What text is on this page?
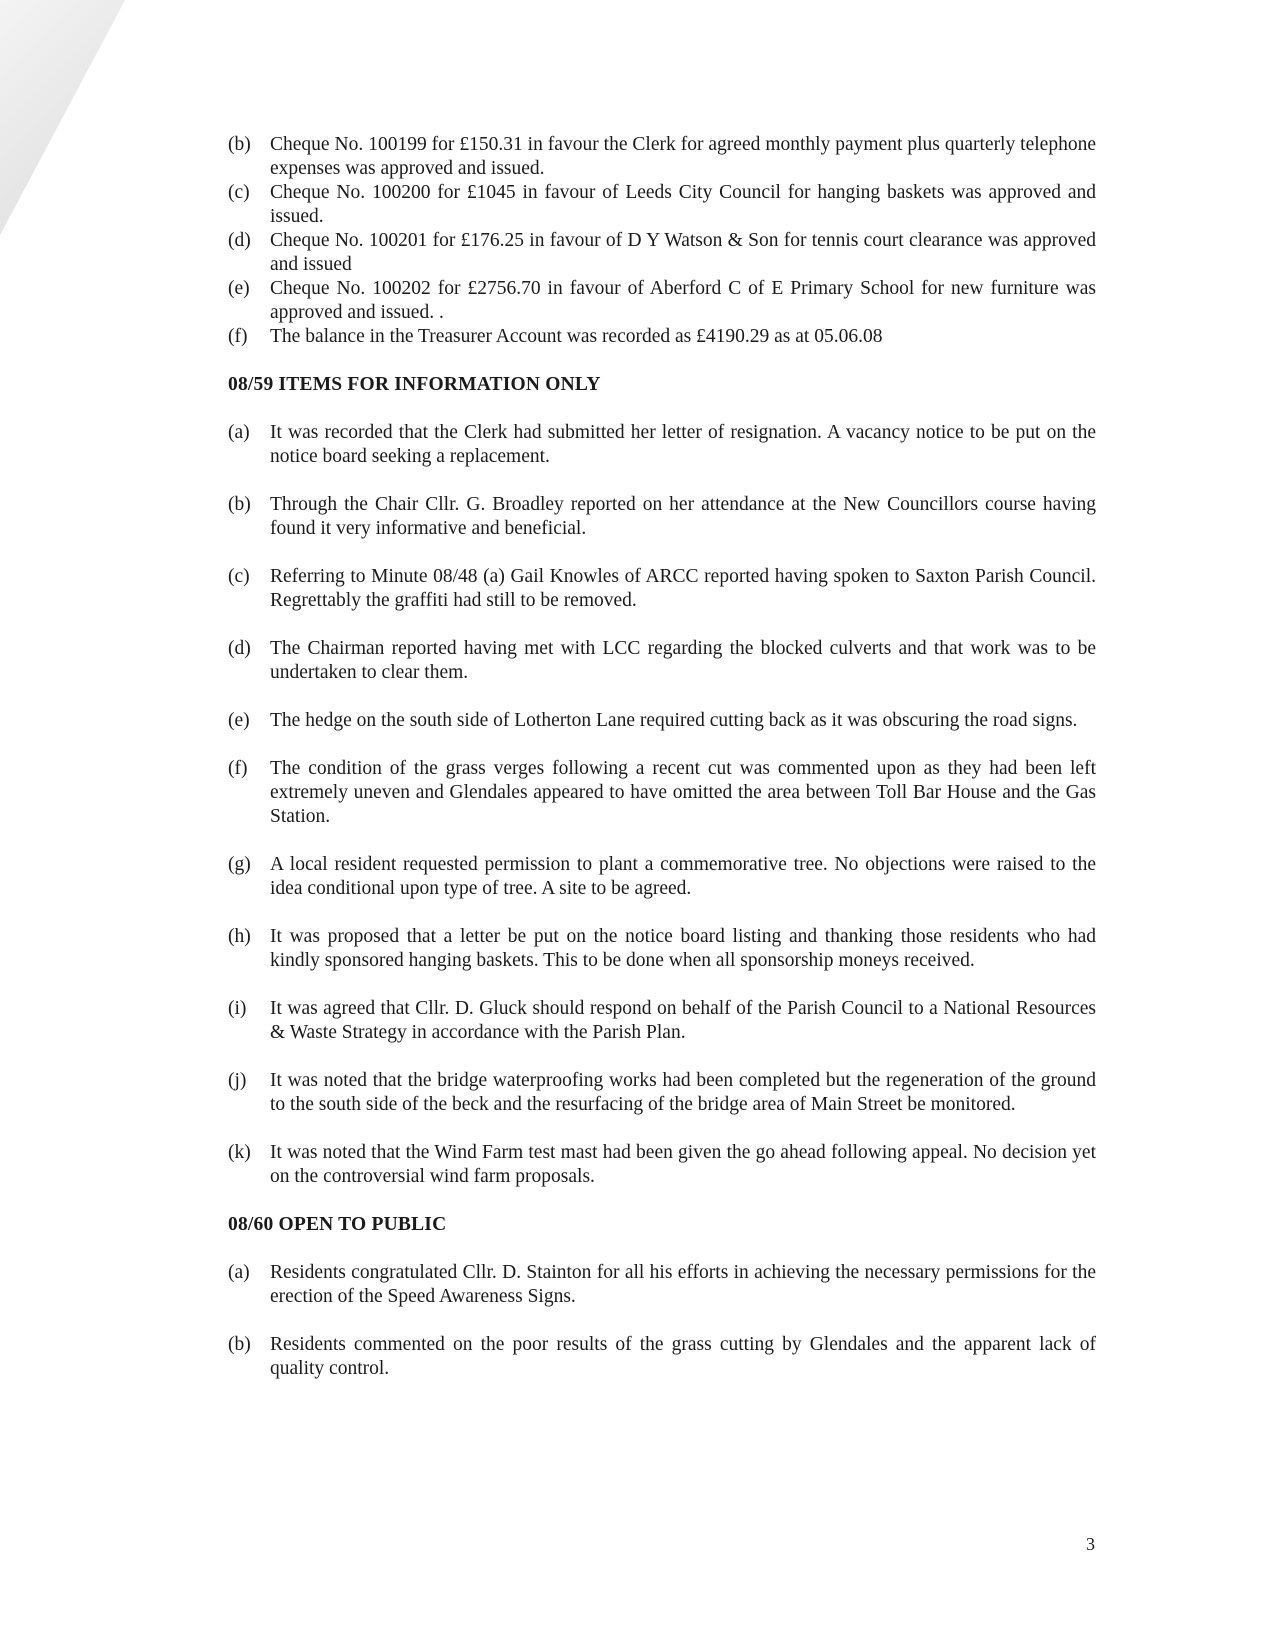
(b) Cheque No. 100199 for £150.31 in favour the Clerk for agreed monthly payment plus quarterly telephone expenses was approved and issued.
(c) Cheque No. 100200 for £1045 in favour of Leeds City Council for hanging baskets was approved and issued.
(d) Cheque No. 100201 for £176.25 in favour of D Y Watson & Son for tennis court clearance was approved and issued
(e) Cheque No. 100202 for £2756.70 in favour of Aberford C of E Primary School for new furniture was approved and issued. .
(f) The balance in the Treasurer Account was recorded as £4190.29 as at 05.06.08
08/59 ITEMS FOR INFORMATION ONLY
(a) It was recorded that the Clerk had submitted her letter of resignation. A vacancy notice to be put on the notice board seeking a replacement.
(b) Through the Chair Cllr. G. Broadley reported on her attendance at the New Councillors course having found it very informative and beneficial.
(c) Referring to Minute 08/48 (a) Gail Knowles of ARCC reported having spoken to Saxton Parish Council. Regrettably the graffiti had still to be removed.
(d) The Chairman reported having met with LCC regarding the blocked culverts and that work was to be undertaken to clear them.
(e) The hedge on the south side of Lotherton Lane required cutting back as it was obscuring the road signs.
(f) The condition of the grass verges following a recent cut was commented upon as they had been left extremely uneven and Glendales appeared to have omitted the area between Toll Bar House and the Gas Station.
(g) A local resident requested permission to plant a commemorative tree. No objections were raised to the idea conditional upon type of tree. A site to be agreed.
(h) It was proposed that a letter be put on the notice board listing and thanking those residents who had kindly sponsored hanging baskets. This to be done when all sponsorship moneys received.
(i) It was agreed that Cllr. D. Gluck should respond on behalf of the Parish Council to a National Resources & Waste Strategy in accordance with the Parish Plan.
(j) It was noted that the bridge waterproofing works had been completed but the regeneration of the ground to the south side of the beck and the resurfacing of the bridge area of Main Street be monitored.
(k) It was noted that the Wind Farm test mast had been given the go ahead following appeal. No decision yet on the controversial wind farm proposals.
08/60 OPEN TO PUBLIC
(a) Residents congratulated Cllr. D. Stainton for all his efforts in achieving the necessary permissions for the erection of the Speed Awareness Signs.
(b) Residents commented on the poor results of the grass cutting by Glendales and the apparent lack of quality control.
3
